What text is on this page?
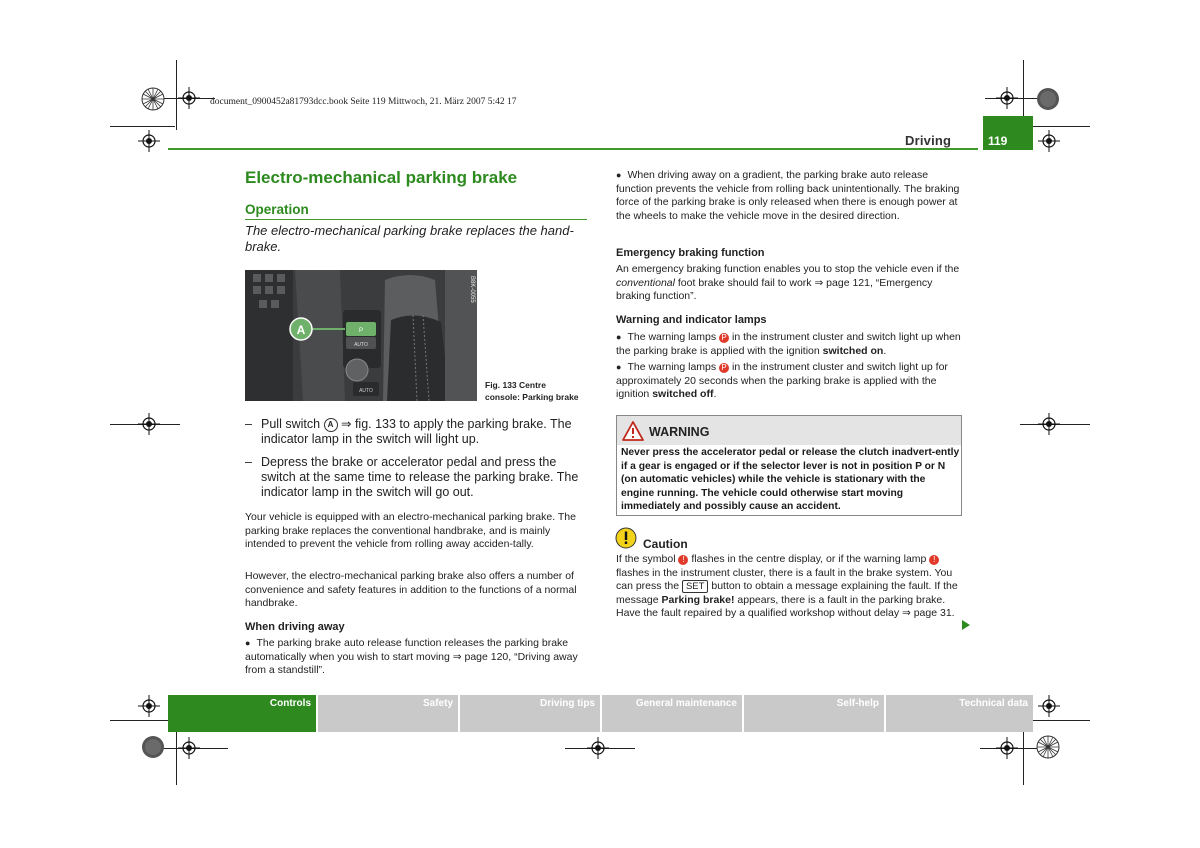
document_0900452a81793dcc.book Seite 119 Mittwoch, 21. März 2007 5:42 17
Driving	119
Electro-mechanical parking brake
Operation
The electro-mechanical parking brake replaces the hand-brake.
P
AUTO
AUTO
B8K-0055
A
Fig. 133 Centre
console: Parking brake
– Pull switch A ⇒ fig. 133 to apply the parking brake. The indicator lamp in the switch will light up.
– Depress the brake or accelerator pedal and press the switch at the same time to release the parking brake. The indicator lamp in the switch will go out.
Your vehicle is equipped with an electro-mechanical parking brake. The parking brake replaces the conventional handbrake, and is mainly intended to prevent the vehicle from rolling away acciden-tally.
However, the electro-mechanical parking brake also offers a number of convenience and safety features in addition to the functions of a normal handbrake.
When driving away
● The parking brake auto release function releases the parking brake automatically when you wish to start moving ⇒ page 120, “Driving away from a standstill”.
● When driving away on a gradient, the parking brake auto release function prevents the vehicle from rolling back unintentionally. The braking force of the parking brake is only released when there is enough power at the wheels to make the vehicle move in the desired direction.
Emergency braking function
An emergency braking function enables you to stop the vehicle even if the conventional foot brake should fail to work ⇒ page 121, “Emergency braking function”.
Warning and indicator lamps
● The warning lamps P in the instrument cluster and switch light up when the parking brake is applied with the ignition switched on.
● The warning lamps P in the instrument cluster and switch light up for approximately 20 seconds when the parking brake is applied with the ignition switched off.
WARNING
Never press the accelerator pedal or release the clutch inadvert-ently if a gear is engaged or if the selector lever is not in position P or N (on automatic vehicles) while the vehicle is stationary with the engine running. The vehicle could otherwise start moving immediately and possibly cause an accident.
Caution
If the symbol ! flashes in the centre display, or if the warning lamp ! flashes in the instrument cluster, there is a fault in the brake system. You can press the SET button to obtain a message explaining the fault. If the message Parking brake! appears, there is a fault in the parking brake. Have the fault repaired by a qualified workshop without delay ⇒ page 31.
Controls	Safety	Driving tips	General maintenance	Self-help	Technical data
